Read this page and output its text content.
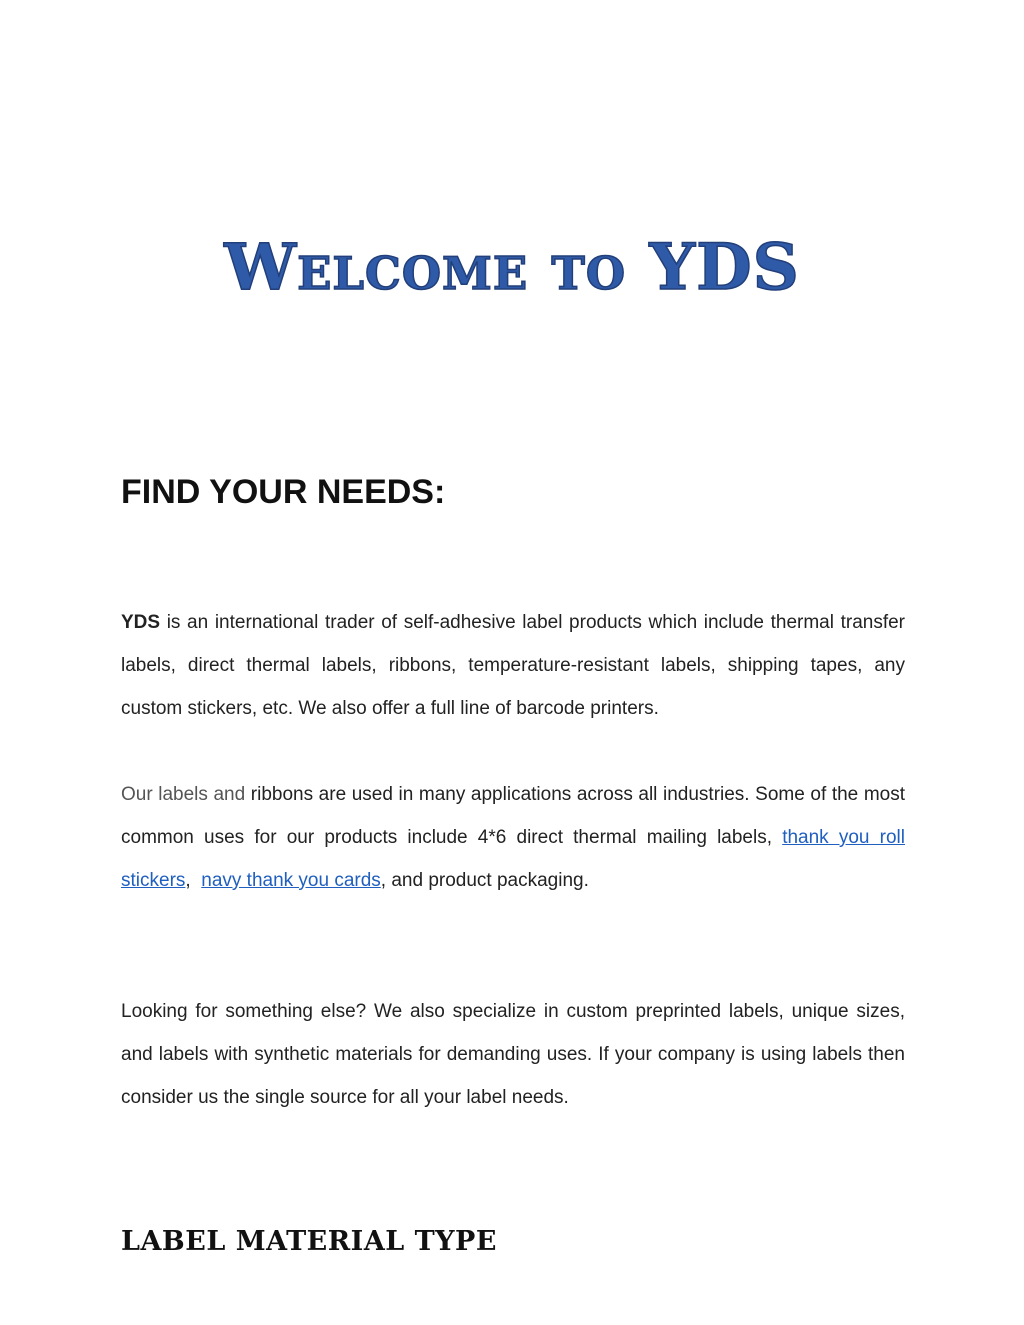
Welcome to YDS
FIND YOUR NEEDS:

YDS is an international trader of self-adhesive label products which include thermal transfer labels, direct thermal labels, ribbons, temperature-resistant labels, shipping tapes, any custom stickers, etc. We also offer a full line of barcode printers.

Our labels and ribbons are used in many applications across all industries. Some of the most common uses for our products include 4*6 direct thermal mailing labels, thank you roll stickers,  navy thank you cards, and product packaging.

Looking for something else? We also specialize in custom preprinted labels, unique sizes, and labels with synthetic materials for demanding uses. If your company is using labels then consider us the single source for all your label needs.

LABEL MATERIAL TYPE
